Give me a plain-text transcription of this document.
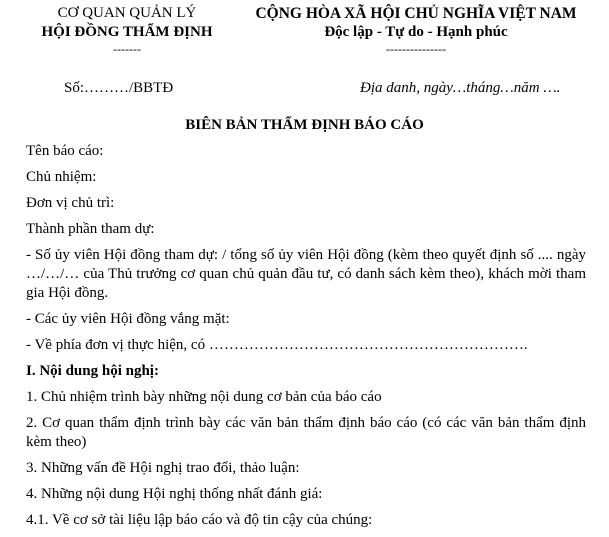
CƠ QUAN QUẢN LÝ
HỘI ĐỒNG THẨM ĐỊNH
-------
CỘNG HÒA XÃ HỘI CHỦ NGHĨA VIỆT NAM
Độc lập - Tự do - Hạnh phúc
---------------
Số:………/BBTĐ	Địa danh, ngày…tháng…năm ….
BIÊN BẢN THẨM ĐỊNH BÁO CÁO

Tên báo cáo:

Chủ nhiệm:

Đơn vị chủ trì:

Thành phần tham dự:

- Số ủy viên Hội đồng tham dự: / tổng số ủy viên Hội đồng (kèm theo quyết định số .... ngày …/…/… của Thủ trưởng cơ quan chủ quản đầu tư, có danh sách kèm theo), khách mời tham gia Hội đồng.

- Các ủy viên Hội đồng vắng mặt:

- Về phía đơn vị thực hiện, có ……………………………………………………….

I. Nội dung hội nghị:

1. Chủ nhiệm trình bày những nội dung cơ bản của báo cáo

2. Cơ quan thẩm định trình bày các văn bản thẩm định báo cáo (có các văn bản thẩm định kèm theo)

3. Những vấn đề Hội nghị trao đổi, thảo luận:

4. Những nội dung Hội nghị thống nhất đánh giá:

4.1. Về cơ sở tài liệu lập báo cáo và độ tin cậy của chúng:
